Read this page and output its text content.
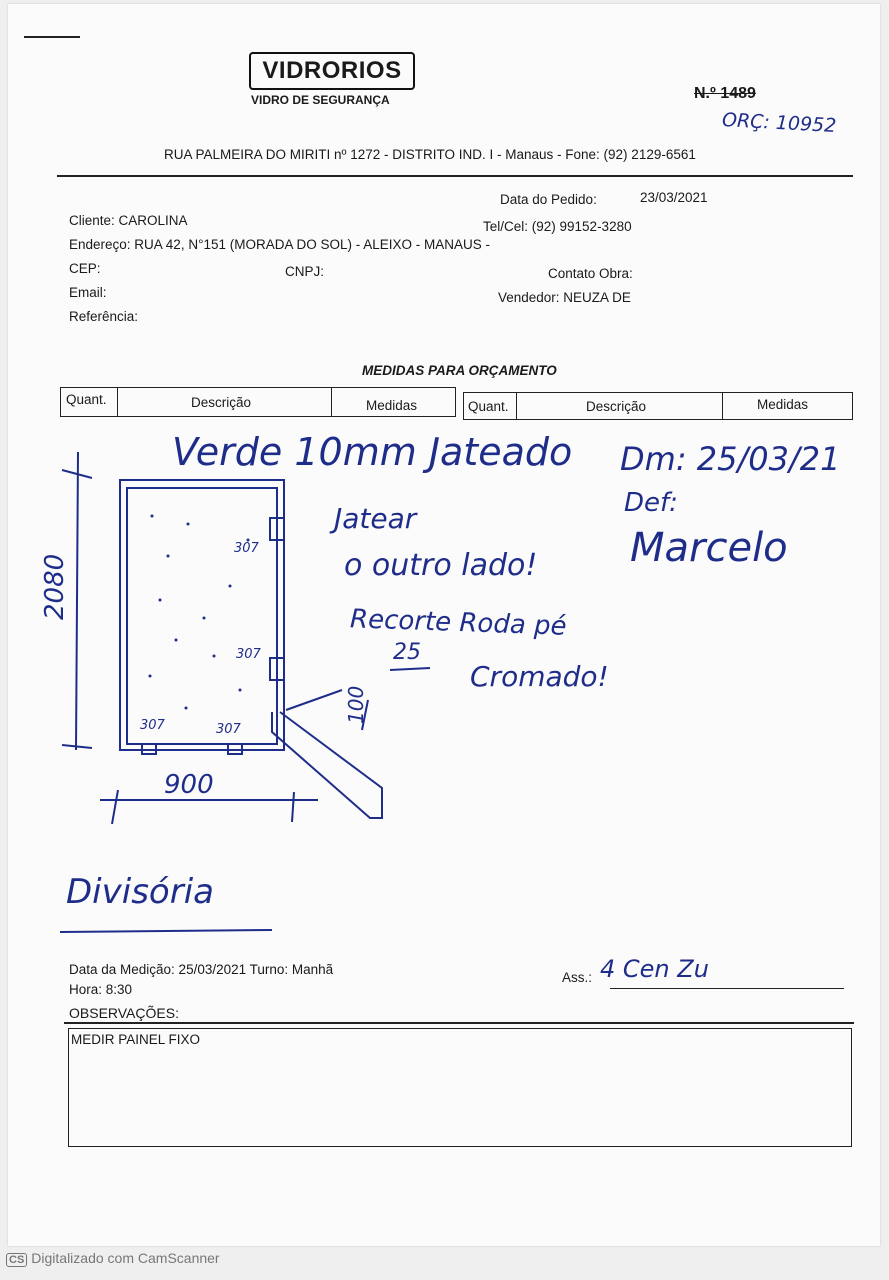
VIDRORIOS
VIDRO DE SEGURANÇA	N.º 1489
ORÇ: 10952
RUA PALMEIRA DO MIRITI nº 1272 - DISTRITO IND. I - Manaus - Fone: (92) 2129-6561
Data do Pedido:	23/03/2021
Cliente: CAROLINA	Tel/Cel: (92) 99152-3280
Endereço: RUA 42, N°151 (MORADA DO SOL) - ALEIXO - MANAUS -
CEP:	CNPJ:	Contato Obra:
Email:	Vendedor: NEUZA DE
Referência:
MEDIDAS PARA ORÇAMENTO
Quant.	Descrição	Medidas	Quant.	Descrição	Medidas
Verde 10mm Jateado Dm: 25/03/21
Def:
Marcelo
Jatear
o outro lado!
Recorte Roda pé
25
Cromado!
2080
900
100
307
307
307	307
Divisória
Data da Medição: 25/03/2021 Turno: Manhã
Hora: 8:30
Ass.: 4 Cen Zu
OBSERVAÇÕES:
MEDIR PAINEL FIXO
CS Digitalizado com CamScanner
